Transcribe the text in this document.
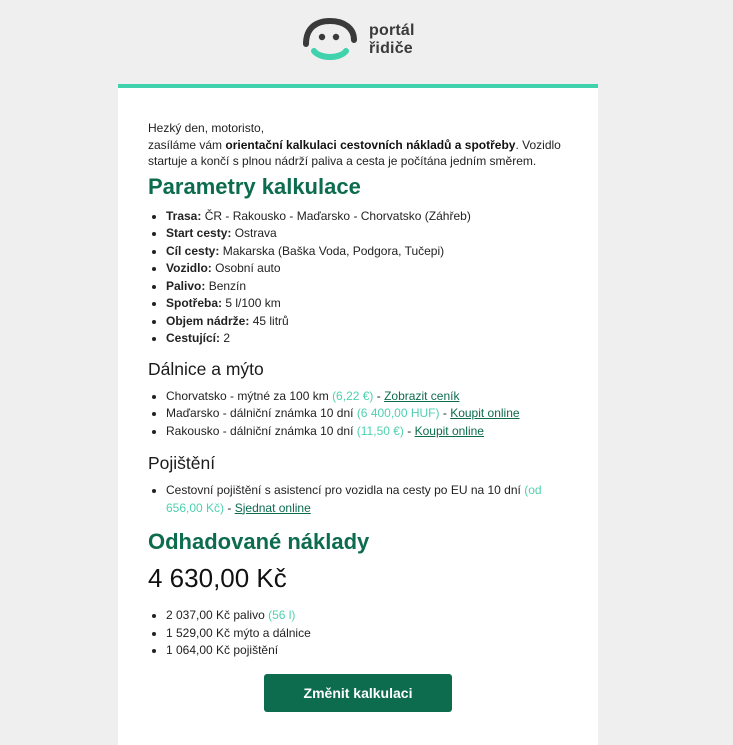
portál
řidiče

Hezký den, motoristo,
zasíláme vám orientační kalkulaci cestovních nákladů a spotřeby. Vozidlo startuje a končí s plnou nádrží paliva a cesta je počítána jedním směrem.

Parametry kalkulace
• Trasa: ČR - Rakousko - Maďarsko - Chorvatsko (Záhřeb)
• Start cesty: Ostrava
• Cíl cesty: Makarska (Baška Voda, Podgora, Tučepi)
• Vozidlo: Osobní auto
• Palivo: Benzín
• Spotřeba: 5 l/100 km
• Objem nádrže: 45 litrů
• Cestující: 2
Dálnice a mýto
• Chorvatsko - mýtné za 100 km (6,22 €) - Zobrazit ceník
• Maďarsko - dálniční známka 10 dní (6 400,00 HUF) - Koupit online
• Rakousko - dálniční známka 10 dní (11,50 €) - Koupit online
Pojištění
• Cestovní pojištění s asistencí pro vozidla na cesty po EU na 10 dní (od 656,00 Kč) - Sjednat online
Odhadované náklady
4 630,00 Kč
• 2 037,00 Kč palivo (56 l)
• 1 529,00 Kč mýto a dálnice
• 1 064,00 Kč pojištění
Změnit kalkulaci
